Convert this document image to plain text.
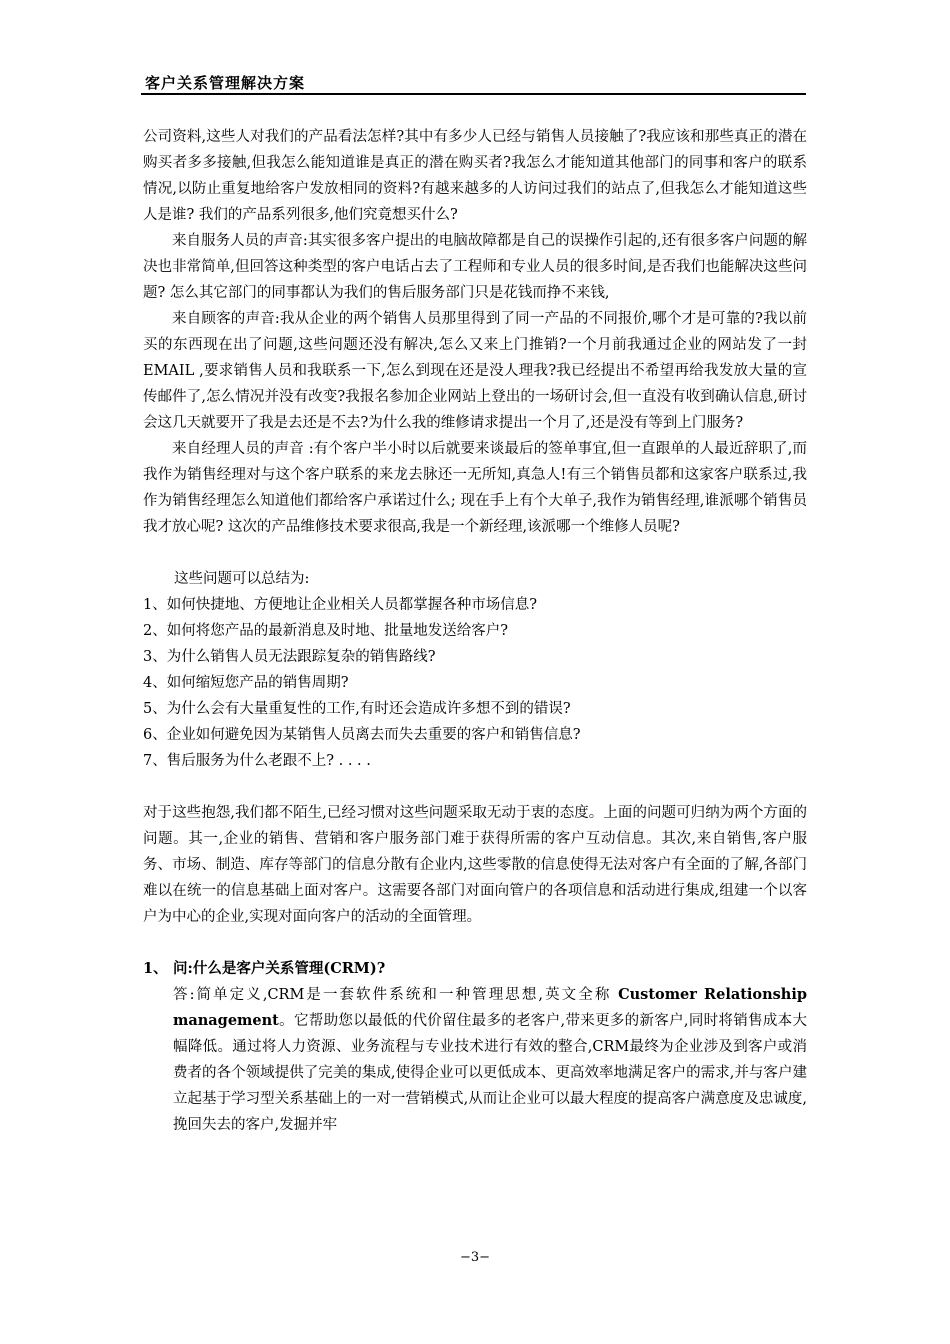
客户关系管理解决方案

公司资料,这些人对我们的产品看法怎样?其中有多少人已经与销售人员接触了?我应该和那些真正的潜在购买者多多接触,但我怎么能知道谁是真正的潜在购买者?我怎么才能知道其他部门的同事和客户的联系情况,以防止重复地给客户发放相同的资料?有越来越多的人访问过我们的站点了,但我怎么才能知道这些人是谁? 我们的产品系列很多,他们究竟想买什么?

来自服务人员的声音:其实很多客户提出的电脑故障都是自己的误操作引起的,还有很多客户问题的解决也非常简单,但回答这种类型的客户电话占去了工程师和专业人员的很多时间,是否我们也能解决这些问题? 怎么其它部门的同事都认为我们的售后服务部门只是花钱而挣不来钱,

来自顾客的声音:我从企业的两个销售人员那里得到了同一产品的不同报价,哪个才是可靠的?我以前买的东西现在出了问题,这些问题还没有解决,怎么又来上门推销?一个月前我通过企业的网站发了一封EMAIL ,要求销售人员和我联系一下,怎么到现在还是没人理我?我已经提出不希望再给我发放大量的宣传邮件了,怎么情况并没有改变?我报名参加企业网站上登出的一场研讨会,但一直没有收到确认信息,研讨会这几天就要开了我是去还是不去?为什么我的维修请求提出一个月了,还是没有等到上门服务?

来自经理人员的声音 :有个客户半小时以后就要来谈最后的签单事宜,但一直跟单的人最近辞职了,而我作为销售经理对与这个客户联系的来龙去脉还一无所知,真急人!有三个销售员都和这家客户联系过,我作为销售经理怎么知道他们都给客户承诺过什么; 现在手上有个大单子,我作为销售经理,谁派哪个销售员我才放心呢? 这次的产品维修技术要求很高,我是一个新经理,该派哪一个维修人员呢?

这些问题可以总结为:

1、如何快捷地、方便地让企业相关人员都掌握各种市场信息?

2、如何将您产品的最新消息及时地、批量地发送给客户?

3、为什么销售人员无法跟踪复杂的销售路线?

4、如何缩短您产品的销售周期?

5、为什么会有大量重复性的工作,有时还会造成许多想不到的错误?

6、企业如何避免因为某销售人员离去而失去重要的客户和销售信息?

7、售后服务为什么老跟不上? . . . .

对于这些抱怨,我们都不陌生,已经习惯对这些问题采取无动于衷的态度。上面的问题可归纳为两个方面的问题。其一,企业的销售、营销和客户服务部门难于获得所需的客户互动信息。其次,来自销售,客户服务、市场、制造、库存等部门的信息分散有企业内,这些零散的信息使得无法对客户有全面的了解,各部门难以在统一的信息基础上面对客户。这需要各部门对面向管户的各项信息和活动进行集成,组建一个以客户为中心的企业,实现对面向客户的活动的全面管理。

1、 问:什么是客户关系管理(CRM)?

答:简单定义,CRM是一套软件系统和一种管理思想,英文全称 Customer Relationship management。它帮助您以最低的代价留住最多的老客户,带来更多的新客户,同时将销售成本大幅降低。通过将人力资源、业务流程与专业技术进行有效的整合,CRM最终为企业涉及到客户或消费者的各个领域提供了完美的集成,使得企业可以更低成本、更高效率地满足客户的需求,并与客户建立起基于学习型关系基础上的一对一营销模式,从而让企业可以最大程度的提高客户满意度及忠诚度,挽回失去的客户,发掘并牢

−3−
